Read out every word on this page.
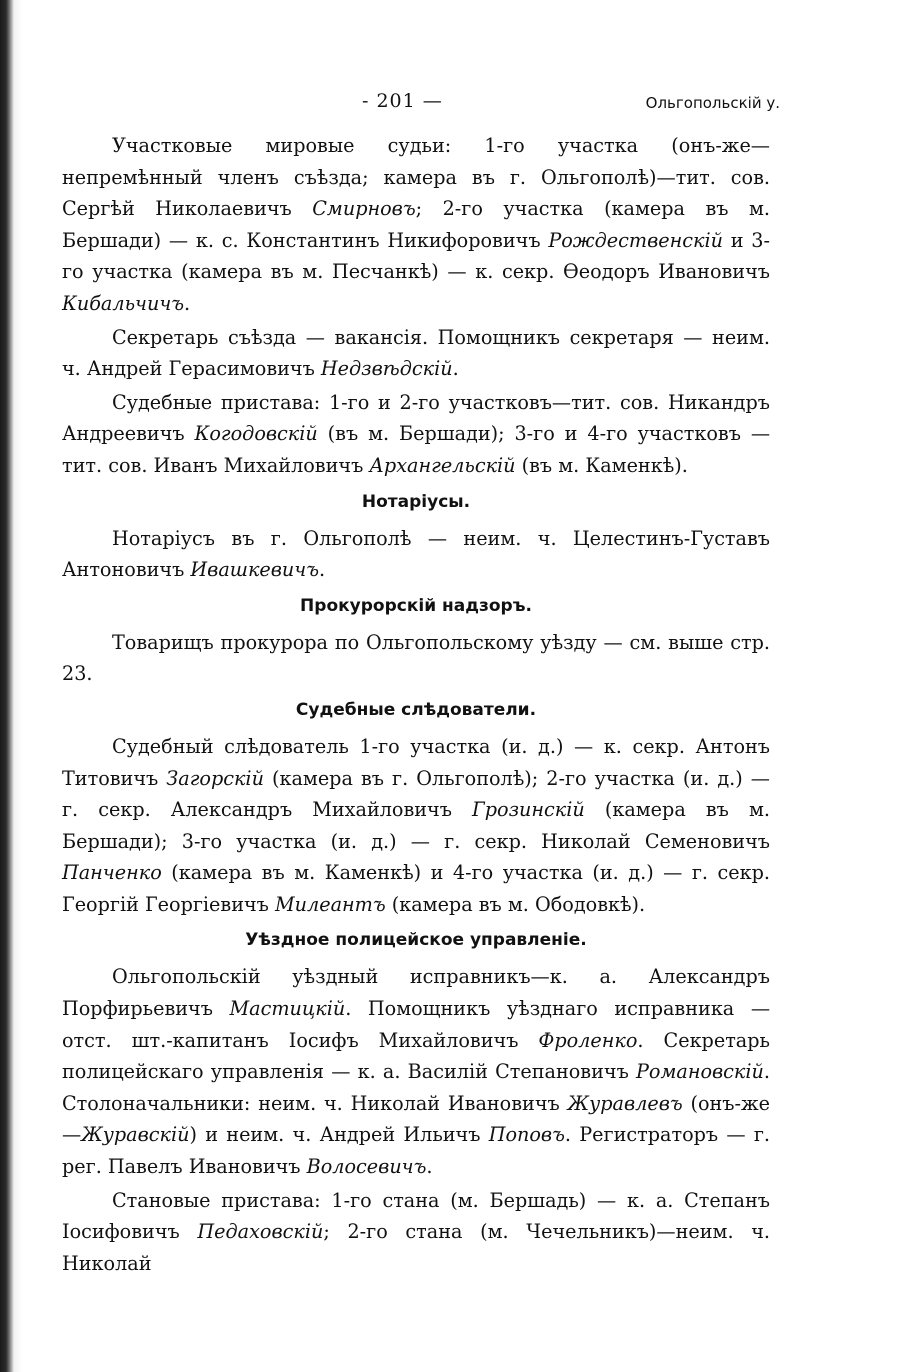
- 201 —	Ольгопольскій у.

Участковые мировые судьи: 1-го участка (онъ-же—непремѣнный членъ съѣзда; камера въ г. Ольгополѣ)—тит. сов. Сергѣй Николаевичъ Смирновъ; 2-го участка (камера въ м. Бершади) — к. с. Константинъ Никифоровичъ Рождественскій и 3-го участка (камера въ м. Песчанкѣ) — к. секр. Ѳеодоръ Ивановичъ Кибальчичъ.

Секретарь съѣзда — вакансія. Помощникъ секретаря — неим. ч. Андрей Герасимовичъ Недзвѣдскій.

Судебные пристава: 1-го и 2-го участковъ—тит. сов. Никандръ Андреевичъ Когодовскій (въ м. Бершади); 3-го и 4-го участковъ — тит. сов. Иванъ Михайловичъ Архангельскій (въ м. Каменкѣ).

Нотаріусы.

Нотаріусъ въ г. Ольгополѣ — неим. ч. Целестинъ-Густавъ Антоновичъ Ивашкевичъ.

Прокурорскій надзоръ.

Товарищъ прокурора по Ольгопольскому уѣзду — см. выше стр. 23.

Судебные слѣдователи.

Судебный слѣдователь 1-го участка (и. д.) — к. секр. Антонъ Титовичъ Загорскій (камера въ г. Ольгополѣ); 2-го участка (и. д.) — г. секр. Александръ Михайловичъ Грозинскій (камера въ м. Бершади); 3-го участка (и. д.) — г. секр. Николай Семеновичъ Панченко (камера въ м. Каменкѣ) и 4-го участка (и. д.) — г. секр. Георгій Георгіевичъ Милеантъ (камера въ м. Ободовкѣ).

Уѣздное полицейское управленіе.

Ольгопольскій уѣздный исправникъ—к. а. Александръ Порфирьевичъ Мастицкій. Помощникъ уѣзднаго исправника — отст. шт.-капитанъ Іосифъ Михайловичъ Фроленко. Секретарь полицейскаго управленія — к. а. Василій Степановичъ Романовскій. Столоначальники: неим. ч. Николай Ивановичъ Журавлевъ (онъ-же—Журавскій) и неим. ч. Андрей Ильичъ Поповъ. Регистраторъ — г. рег. Павелъ Ивановичъ Волосевичъ.

Становые пристава: 1-го стана (м. Бершадь) — к. а. Степанъ Іосифовичъ Педаховскій; 2-го стана (м. Чечельникъ)—неим. ч. Николай
